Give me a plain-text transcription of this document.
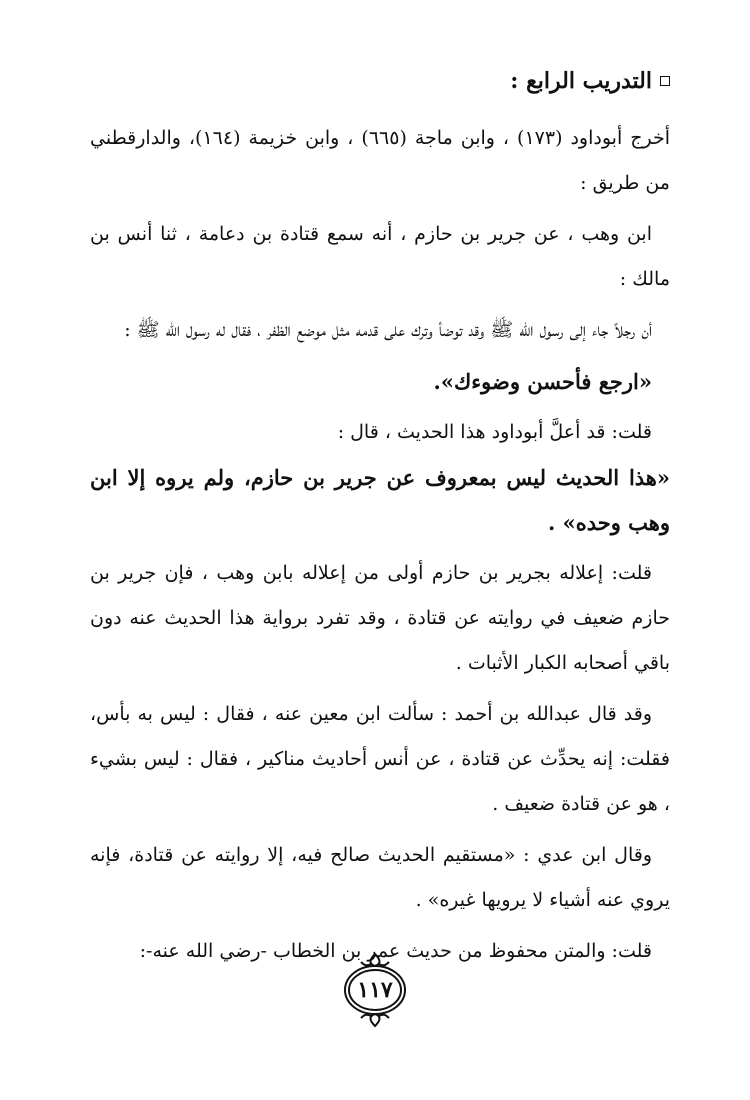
التدريب الرابع :

أخرج أبوداود (١٧٣) ، وابن ماجة (٦٦٥) ، وابن خزيمة (١٦٤)، والدارقطني من طريق :

ابن وهب ، عن جرير بن حازم ، أنه سمع قتادة بن دعامة ، ثنا أنس بن مالك :

أن رجلاً جاء إلى رسول الله ﷺ وقد توضأ وترك على قدمه مثل موضع الظفر ، فقال له رسول الله ﷺ :

«ارجع فأحسن وضوءك».

قلت: قد أعلَّ أبوداود هذا الحديث ، قال :

«هذا الحديث ليس بمعروف عن جرير بن حازم، ولم يروه إلا ابن وهب وحده» .

قلت: إعلاله بجرير بن حازم أولى من إعلاله بابن وهب ، فإن جرير بن حازم ضعيف في روايته عن قتادة ، وقد تفرد برواية هذا الحديث عنه دون باقي أصحابه الكبار الأثبات .

وقد قال عبدالله بن أحمد : سألت ابن معين عنه ، فقال : ليس به بأس، فقلت: إنه يحدِّث عن قتادة ، عن أنس أحاديث مناكير ، فقال : ليس بشيء ، هو عن قتادة ضعيف .

وقال ابن عدي : «مستقيم الحديث صالح فيه، إلا روايته عن قتادة، فإنه يروي عنه أشياء لا يرويها غيره» .

قلت: والمتن محفوظ من حديث عمر بن الخطاب -رضي الله عنه-:

١١٧
